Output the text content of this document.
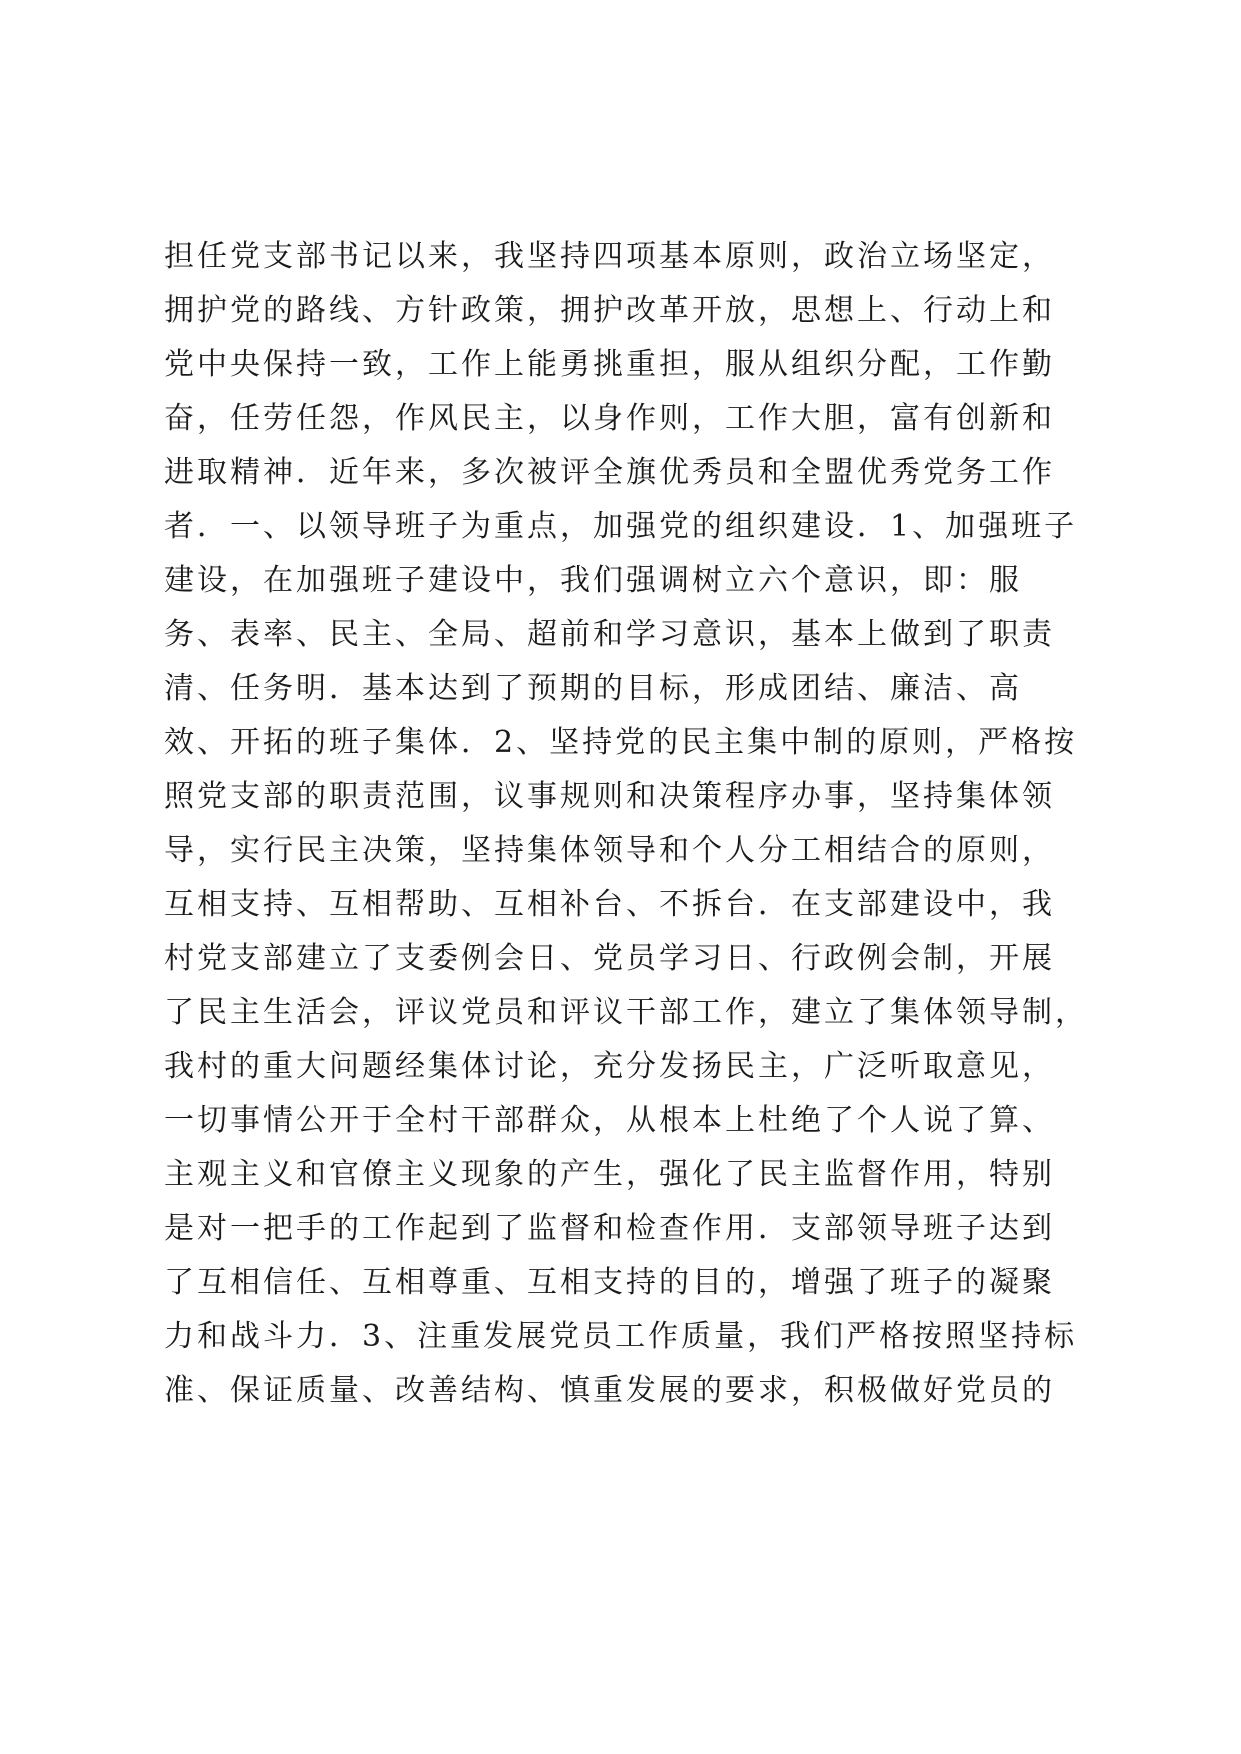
担任党支部书记以来，我坚持四项基本原则，政治立场坚定，
拥护党的路线、方针政策，拥护改革开放，思想上、行动上和
党中央保持一致，工作上能勇挑重担，服从组织分配，工作勤
奋，任劳任怨，作风民主，以身作则，工作大胆，富有创新和
进取精神．近年来，多次被评全旗优秀员和全盟优秀党务工作
者．一、以领导班子为重点，加强党的组织建设．1、加强班子
建设，在加强班子建设中，我们强调树立六个意识，即：服
务、表率、民主、全局、超前和学习意识，基本上做到了职责
清、任务明．基本达到了预期的目标，形成团结、廉洁、高
效、开拓的班子集体．2、坚持党的民主集中制的原则，严格按
照党支部的职责范围，议事规则和决策程序办事，坚持集体领
导，实行民主决策，坚持集体领导和个人分工相结合的原则，
互相支持、互相帮助、互相补台、不拆台．在支部建设中，我
村党支部建立了支委例会日、党员学习日、行政例会制，开展
了民主生活会，评议党员和评议干部工作，建立了集体领导制，
我村的重大问题经集体讨论，充分发扬民主，广泛听取意见，
一切事情公开于全村干部群众，从根本上杜绝了个人说了算、
主观主义和官僚主义现象的产生，强化了民主监督作用，特别
是对一把手的工作起到了监督和检查作用．支部领导班子达到
了互相信任、互相尊重、互相支持的目的，增强了班子的凝聚
力和战斗力．3、注重发展党员工作质量，我们严格按照坚持标
准、保证质量、改善结构、慎重发展的要求，积极做好党员的
